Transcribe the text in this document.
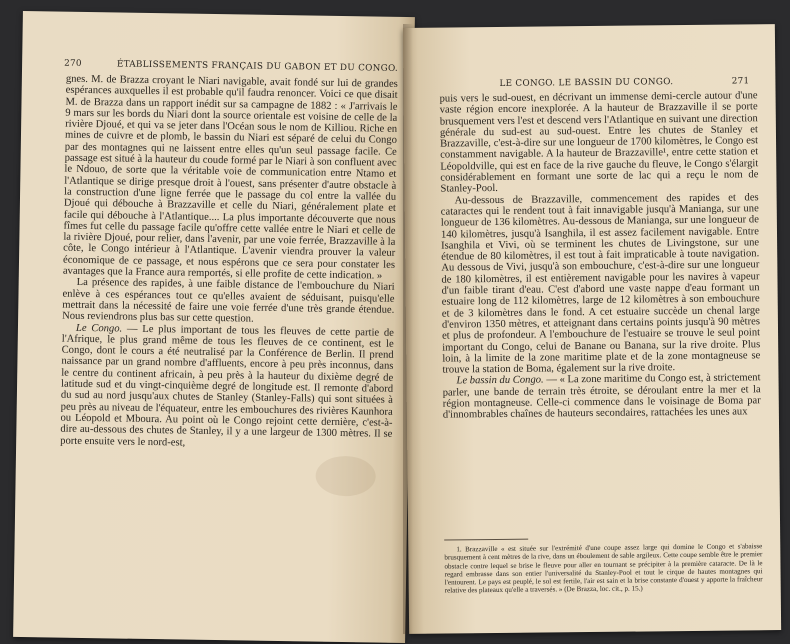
270	ÉTABLISSEMENTS FRANÇAIS DU GABON ET DU CONGO.

gnes. M. de Brazza croyant le Niari navigable, avait fondé sur lui de grandes espérances auxquelles il est probable qu'il faudra renoncer. Voici ce que disait M. de Brazza dans un rapport inédit sur sa campagne de 1882 : « J'arrivais le 9 mars sur les bords du Niari dont la source orientale est voisine de celle de la rivière Djoué, et qui va se jeter dans l'Océan sous le nom de Killiou. Riche en mines de cuivre et de plomb, le bassin du Niari est séparé de celui du Congo par des montagnes qui ne laissent entre elles qu'un seul passage facile. Ce passage est situé à la hauteur du coude formé par le Niari à son confluent avec le Ndouo, de sorte que la véritable voie de communication entre Ntamo et l'Atlantique se dirige presque droit à l'ouest, sans présenter d'autre obstacle à la construction d'une ligne ferrée que le passage du col entre la vallée du Djoué qui débouche à Brazzaville et celle du Niari, généralement plate et facile qui débouche à l'Atlantique.... La plus importante découverte que nous fîmes fut celle du passage facile qu'offre cette vallée entre le Niari et celle de la rivière Djoué, pour relier, dans l'avenir, par une voie ferrée, Brazzaville à la côte, le Congo intérieur à l'Atlantique. L'avenir viendra prouver la valeur économique de ce passage, et nous espérons que ce sera pour constater les avantages que la France aura remportés, si elle profite de cette indication. »

La présence des rapides, à une faible distance de l'embouchure du Niari enlève à ces espérances tout ce qu'elles avaient de séduisant, puisqu'elle mettrait dans la nécessité de faire une voie ferrée d'une très grande étendue. Nous reviendrons plus bas sur cette question.

Le Congo. — Le plus important de tous les fleuves de cette partie de l'Afrique, le plus grand même de tous les fleuves de ce continent, est le Congo, dont le cours a été neutralisé par la Conférence de Berlin. Il prend naissance par un grand nombre d'affluents, encore à peu près inconnus, dans le centre du continent africain, à peu près à la hauteur du dixième degré de latitude sud et du vingt-cinquième degré de longitude est. Il remonte d'abord du sud au nord jusqu'aux chutes de Stanley (Stanley-Falls) qui sont situées à peu près au niveau de l'équateur, entre les embouchures des rivières Kaunhora ou Léopold et Mboura. Au point où le Congo rejoint cette dernière, c'est-à-dire au-dessous des chutes de Stanley, il y a une largeur de 1300 mètres. Il se porte ensuite vers le nord-est,

LE CONGO. LE BASSIN DU CONGO.	271

puis vers le sud-ouest, en décrivant un immense demi-cercle autour d'une vaste région encore inexplorée. A la hauteur de Brazzaville il se porte brusquement vers l'est et descend vers l'Atlantique en suivant une direction générale du sud-est au sud-ouest. Entre les chutes de Stanley et Brazzaville, c'est-à-dire sur une longueur de 1700 kilomètres, le Congo est constamment navigable. A la hauteur de Brazzaville¹, entre cette station et Léopoldville, qui est en face de la rive gauche du fleuve, le Congo s'élargit considérablement en formant une sorte de lac qui a reçu le nom de Stanley-Pool.

Au-dessous de Brazzaville, commencement des rapides et des cataractes qui le rendent tout à fait innavigable jusqu'à Manianga, sur une longueur de 136 kilomètres. Au-dessous de Manianga, sur une longueur de 140 kilomètres, jusqu'à Isanghila, il est assez facilement navigable. Entre Isanghila et Vivi, où se terminent les chutes de Livingstone, sur une étendue de 80 kilomètres, il est tout à fait impraticable à toute navigation. Au dessous de Vivi, jusqu'à son embouchure, c'est-à-dire sur une longueur de 180 kilomètres, il est entièrement navigable pour les navires à vapeur d'un faible tirant d'eau. C'est d'abord une vaste nappe d'eau formant un estuaire long de 112 kilomètres, large de 12 kilomètres à son embouchure et de 3 kilomètres dans le fond. A cet estuaire succède un chenal large d'environ 1350 mètres, et atteignant dans certains points jusqu'à 90 mètres et plus de profondeur. A l'embouchure de l'estuaire se trouve le seul point important du Congo, celui de Banane ou Banana, sur la rive droite. Plus loin, à la limite de la zone maritime plate et de la zone montagneuse se trouve la station de Boma, également sur la rive droite.

Le bassin du Congo. — « La zone maritime du Congo est, à strictement parler, une bande de terrain très étroite, se déroulant entre la mer et la région montagneuse. Celle-ci commence dans le voisinage de Boma par d'innombrables chaînes de hauteurs secondaires, rattachées les unes aux

1. Brazzaville « est située sur l'extrémité d'une coupe assez large qui domine le Congo et s'abaisse brusquement à cent mètres de la rive, dans un éboulement de sable argileux. Cette coupe semble être le premier obstacle contre lequel se brise le fleuve pour aller en tournant se précipiter à la première cataracte. De là le regard embrasse dans son entier l'universalité du Stanley-Pool et tout le cirque de hautes montagnes qui l'entourent. Le pays est peuplé, le sol est fertile, l'air est sain et la brise constante d'ouest y apporte la fraîcheur relative des plateaux qu'elle a traversés. » (De Brazza, loc. cit., p. 15.)
